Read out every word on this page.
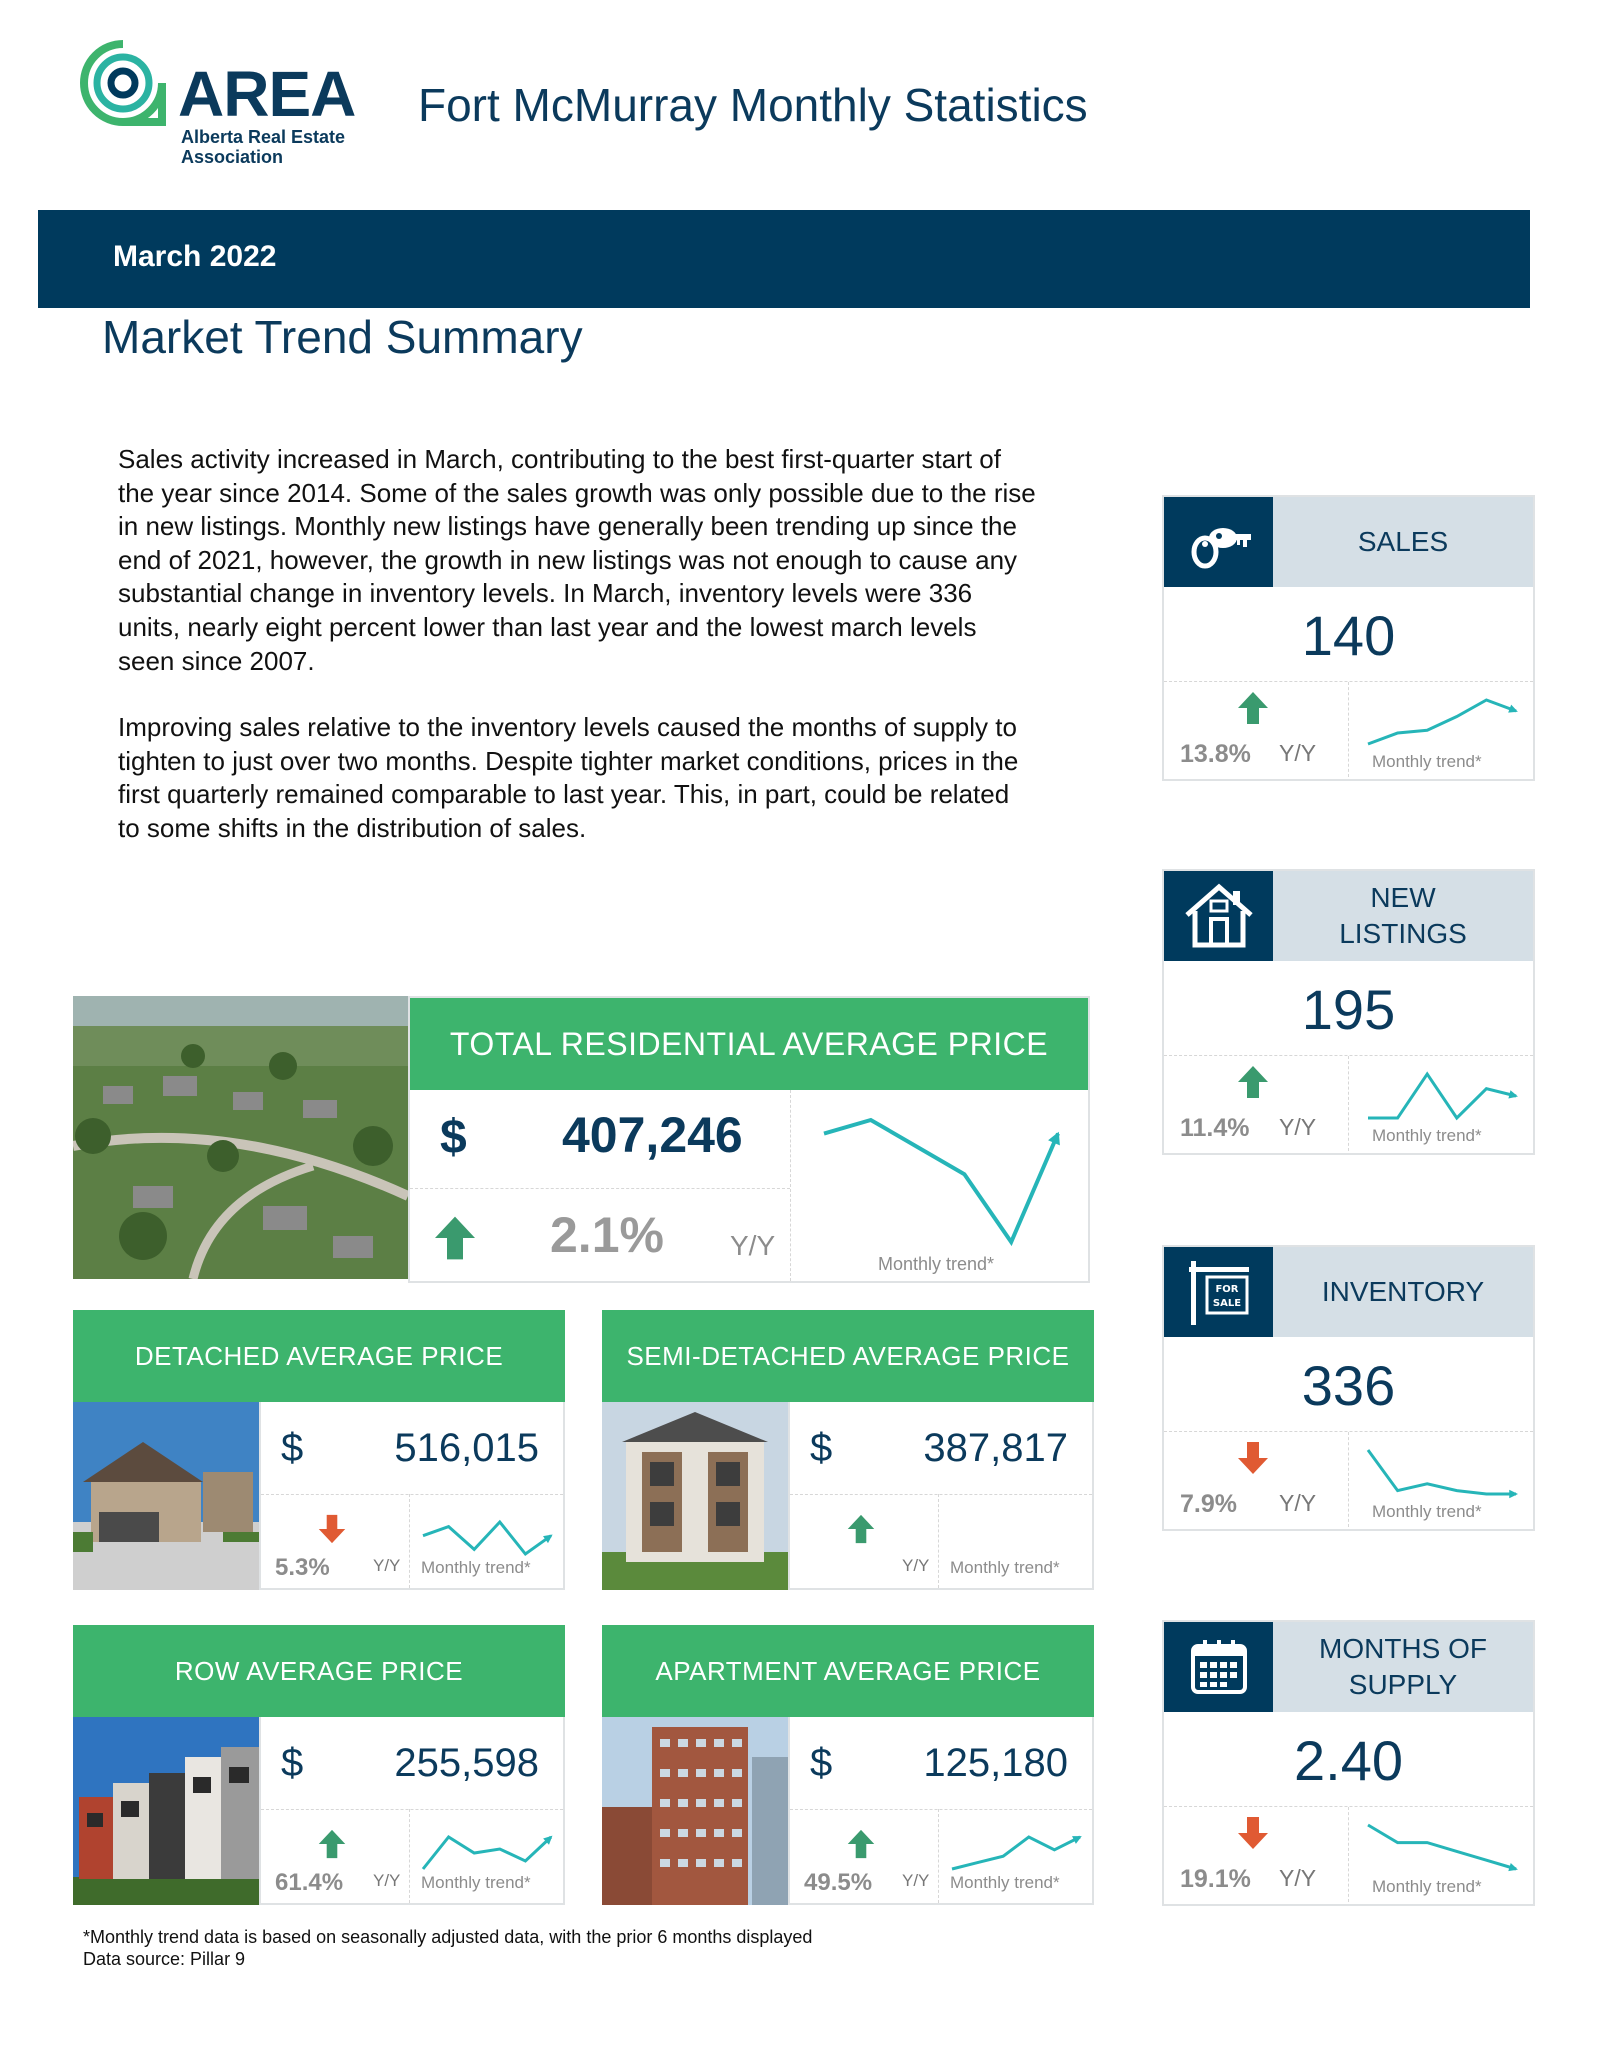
AREA
Alberta Real Estate
Association
Fort McMurray Monthly Statistics
March 2022
Market Trend Summary

Sales activity increased in March, contributing to the best first-quarter start of the year since 2014. Some of the sales growth was only possible due to the rise in new listings. Monthly new listings have generally been trending up since the end of 2021, however, the growth in new listings was not enough to cause any substantial change in inventory levels. In March, inventory levels were 336 units, nearly eight percent lower than last year and the lowest march levels seen since 2007.

Improving sales relative to the inventory levels caused the months of supply to tighten to just over two months. Despite tighter market conditions, prices in the first quarterly remained comparable to last year. This, in part, could be related to some shifts in the distribution of sales.

SALES
140
13.8% Y/Y	Monthly trend*
NEW
LISTINGS
195
11.4% Y/Y	Monthly trend*
FOR
SALE	INVENTORY
336
7.9% Y/Y	Monthly trend*
MONTHS OF
SUPPLY
2.40
19.1% Y/Y	Monthly trend*
TOTAL RESIDENTIAL AVERAGE PRICE
$ 407,246
2.1% Y/Y
Monthly trend*
DETACHED AVERAGE PRICE
$ 516,015
5.3%	Y/Y Monthly trend*
SEMI-DETACHED AVERAGE PRICE
$ 387,817
Y/Y Monthly trend*
ROW AVERAGE PRICE
$ 255,598
61.4% Y/Y Monthly trend*
APARTMENT AVERAGE PRICE
$ 125,180
49.5% Y/Y Monthly trend*
*Monthly trend data is based on seasonally adjusted data, with the prior 6 months displayed
Data source: Pillar 9
